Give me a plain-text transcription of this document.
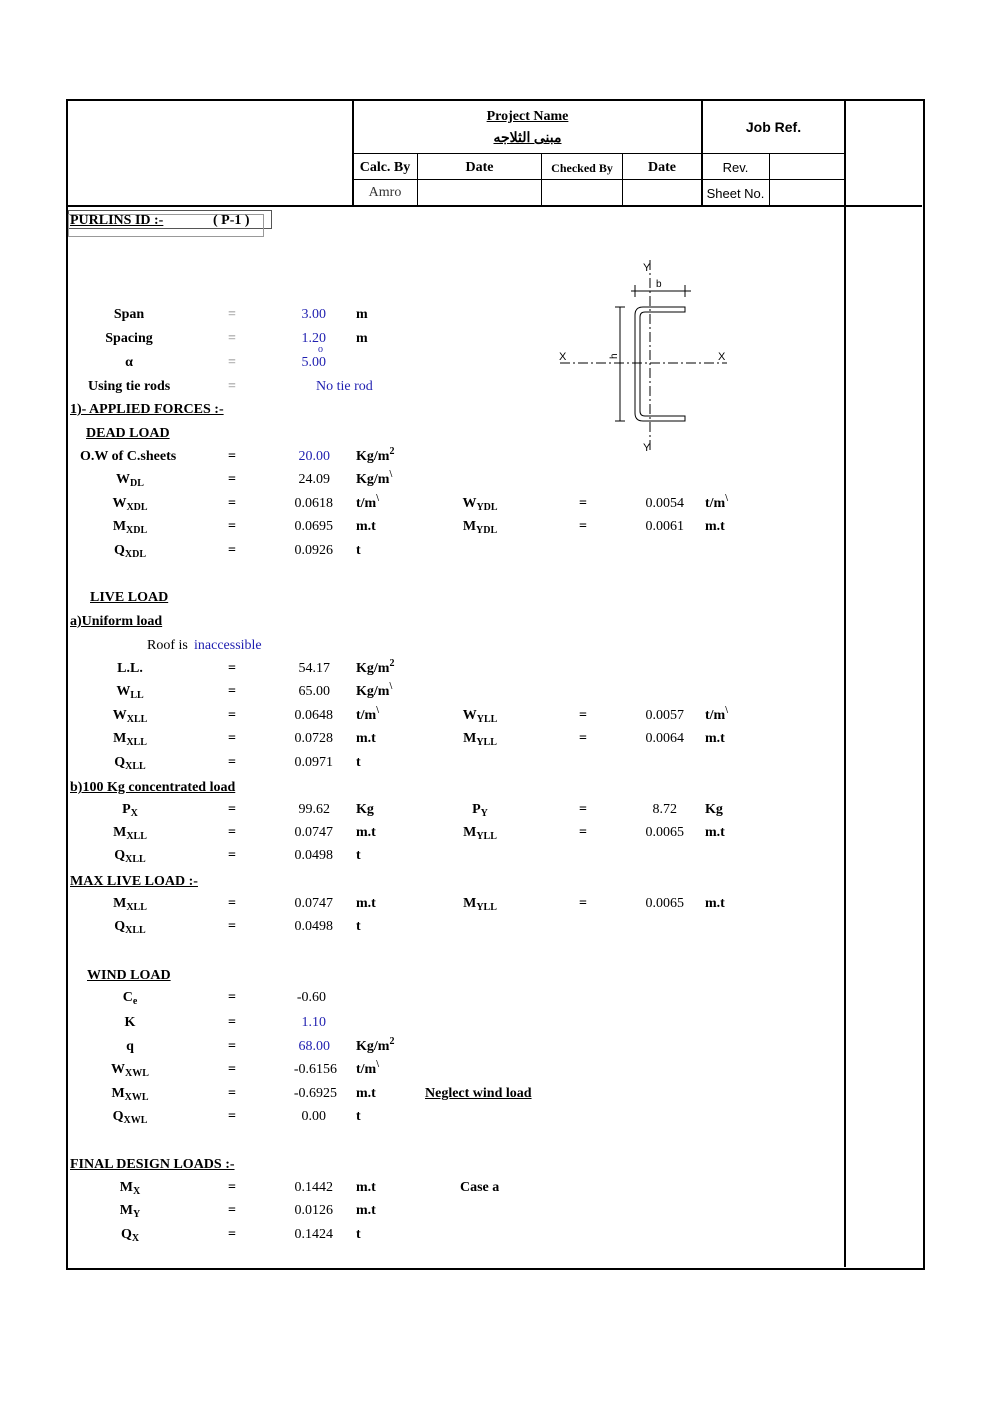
Project Name
مبنى الثلاجه
Job Ref.
Calc. By	Date	Checked By	Date	Rev.
Amro	Sheet No.
PURLINS ID :-	( P-1 )
Span	=	3.00 m
Spacing	=	1.20 m
α	=	5.00
o
Using tie rods	=	No tie rod
Y
Y
X	X
b
h
1)- APPLIED FORCES :-
DEAD LOAD
O.W of C.sheets	=	20.00 $Kg/m^2$
$W_{DL}$	=	24.09 Kg/m\
$W_{XDL}$	=	0.0618 t/m\	$W_{YDL}$	=	0.0054 t/m\
$M_{XDL}$	=	0.0695 m.t	$M_{YDL}$	=	0.0061 m.t
$Q_{XDL}$	=	0.0926 t
LIVE LOAD
a)Uniform load
Roof is inaccessible
L.L.	=	54.17 $Kg/m^2$
$W_{LL}$	=	65.00 Kg/m\
$W_{XLL}$	=	0.0648 t/m\	$W_{YLL}$	=	0.0057 t/m\
$M_{XLL}$	=	0.0728 m.t	$M_{YLL}$	=	0.0064 m.t
$Q_{XLL}$	=	0.0971 t
b)100 Kg concentrated load
$P_X$	=	99.62 Kg	$P_Y$	=	8.72 Kg
$M_{XLL}$	=	0.0747 m.t	$M_{YLL}$	=	0.0065 m.t
$Q_{XLL}$	=	0.0498 t
MAX LIVE LOAD :-
$M_{XLL}$	=	0.0747 m.t	$M_{YLL}$	=	0.0065 m.t
$Q_{XLL}$	=	0.0498 t
WIND LOAD
$C_e$	=	-0.60
K	=	1.10
q	=	68.00 $Kg/m^2$
$W_{XWL}$	=	-0.6156 t/m\
$M_{XWL}$	=	-0.6925 m.t	Neglect wind load
$Q_{XWL}$	=	0.00 t
FINAL DESIGN LOADS :-
$M_X$	=	0.1442 m.t	Case a
$M_Y$	=	0.0126 m.t
$Q_X$	=	0.1424 t
